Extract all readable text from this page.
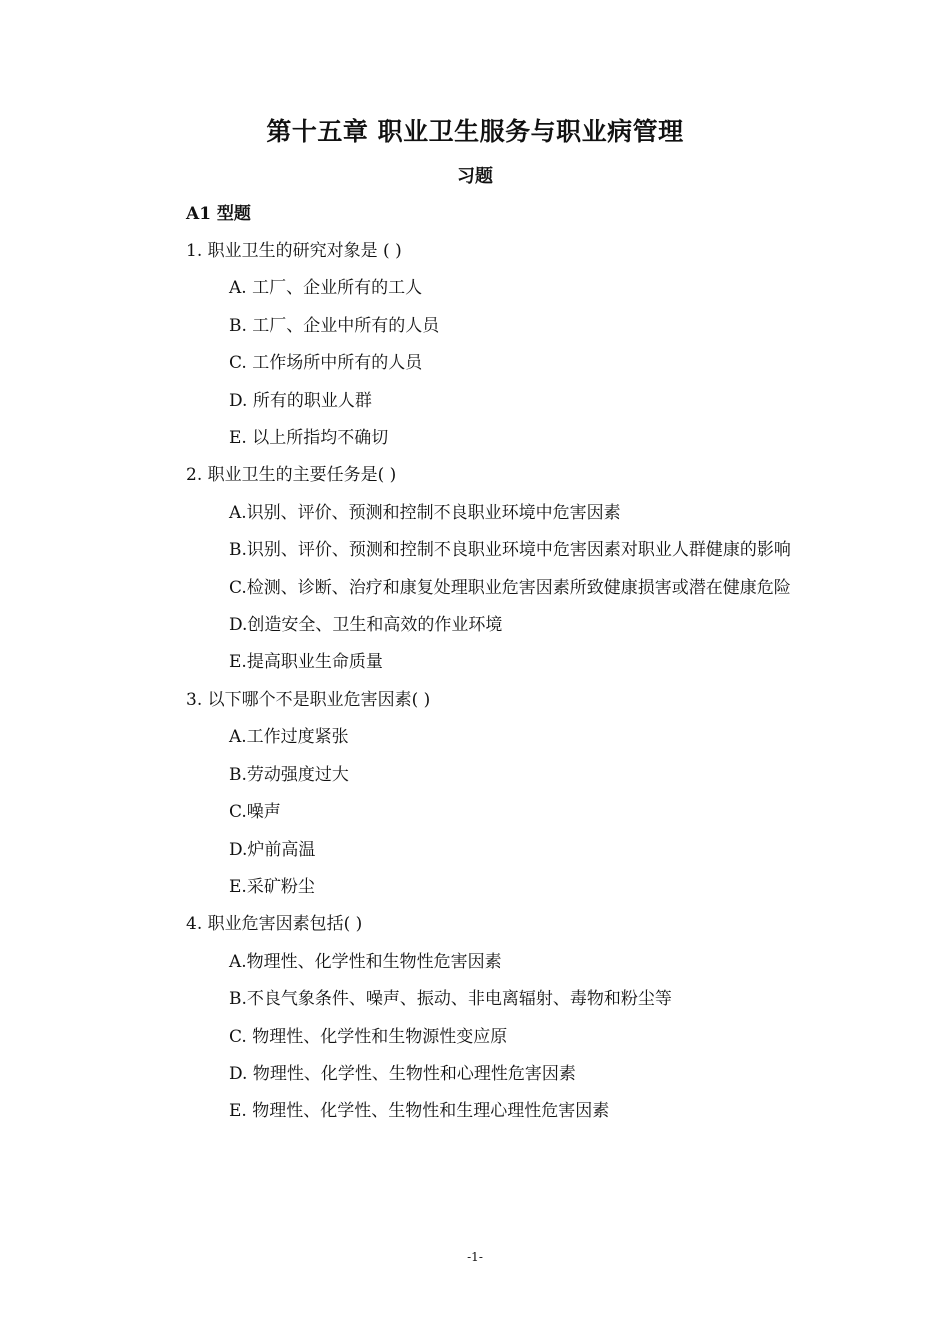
第十五章 职业卫生服务与职业病管理
习题
A1 型题
1. 职业卫生的研究对象是 ( )
A. 工厂、企业所有的工人
B. 工厂、企业中所有的人员
C. 工作场所中所有的人员
D. 所有的职业人群
E. 以上所指均不确切
2. 职业卫生的主要任务是( )
A.识别、评价、预测和控制不良职业环境中危害因素
B.识别、评价、预测和控制不良职业环境中危害因素对职业人群健康的影响
C.检测、诊断、治疗和康复处理职业危害因素所致健康损害或潜在健康危险
D.创造安全、卫生和高效的作业环境
E.提高职业生命质量
3. 以下哪个不是职业危害因素( )
A.工作过度紧张
B.劳动强度过大
C.噪声
D.炉前高温
E.采矿粉尘
4. 职业危害因素包括( )
A.物理性、化学性和生物性危害因素
B.不良气象条件、噪声、振动、非电离辐射、毒物和粉尘等
C. 物理性、化学性和生物源性变应原
D. 物理性、化学性、生物性和心理性危害因素
E. 物理性、化学性、生物性和生理心理性危害因素
-1-
